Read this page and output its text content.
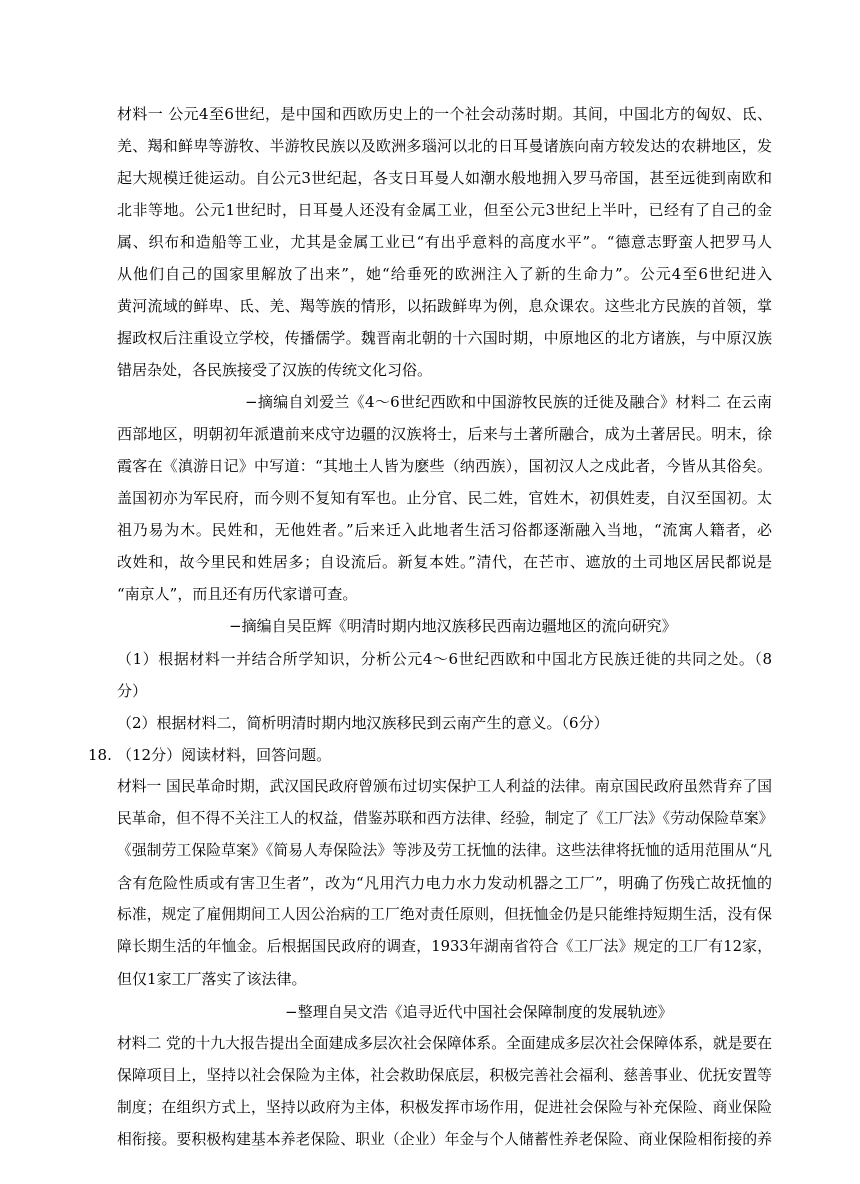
材料一 公元4至6世纪，是中国和西欧历史上的一个社会动荡时期。其间，中国北方的匈奴、氐、
羌、羯和鲜卑等游牧、半游牧民族以及欧洲多瑙河以北的日耳曼诸族向南方较发达的农耕地区，发
起大规模迁徙运动。自公元3世纪起，各支日耳曼人如潮水般地拥入罗马帝国，甚至远徙到南欧和
北非等地。公元1世纪时，日耳曼人还没有金属工业，但至公元3世纪上半叶，已经有了自己的金
属、织布和造船等工业，尤其是金属工业已“有出乎意料的高度水平”。“德意志野蛮人把罗马人
从他们自己的国家里解放了出来”，她“给垂死的欧洲注入了新的生命力”。公元4至6世纪进入
黄河流域的鲜卑、氐、羌、羯等族的情形，以拓跋鲜卑为例，息众课农。这些北方民族的首领，掌
握政权后注重设立学校，传播儒学。魏晋南北朝的十六国时期，中原地区的北方诸族，与中原汉族
错居杂处，各民族接受了汉族的传统文化习俗。
−摘编自刘爱兰《4～6世纪西欧和中国游牧民族的迁徙及融合》材料二 在云南
西部地区，明朝初年派遣前来戍守边疆的汉族将士，后来与土著所融合，成为土著居民。明末，徐
霞客在《滇游日记》中写道：“其地土人皆为麽些（纳西族），国初汉人之戍此者，今皆从其俗矣。
盖国初亦为军民府，而今则不复知有军也。止分官、民二姓，官姓木，初俱姓麦，自汉至国初。太
祖乃易为木。民姓和，无他姓者。”后来迁入此地者生活习俗都逐渐融入当地，“流寓人籍者，必
改姓和，故今里民和姓居多；自设流后。新复本姓。”清代，在芒市、遮放的土司地区居民都说是
“南京人”，而且还有历代家谱可查。
−摘编自吴臣辉《明清时期内地汉族移民西南边疆地区的流向研究》
（1）根据材料一并结合所学知识，分析公元4～6世纪西欧和中国北方民族迁徙的共同之处。（8
分）
（2）根据材料二，简析明清时期内地汉族移民到云南产生的意义。（6分）
18. （12分）阅读材料，回答问题。
材料一 国民革命时期，武汉国民政府曾颁布过切实保护工人利益的法律。南京国民政府虽然背弃了国
民革命，但不得不关注工人的权益，借鉴苏联和西方法律、经验，制定了《工厂法》《劳动保险草案》
《强制劳工保险草案》《简易人寿保险法》等涉及劳工抚恤的法律。这些法律将抚恤的适用范围从“凡
含有危险性质或有害卫生者”，改为“凡用汽力电力水力发动机器之工厂”，明确了伤残亡故抚恤的
标准，规定了雇佣期间工人因公治病的工厂绝对责任原则，但抚恤金仍是只能维持短期生活，没有保
障长期生活的年恤金。后根据国民政府的调查，1933年湖南省符合《工厂法》规定的工厂有12家，
但仅1家工厂落实了该法律。
−整理自吴文浩《追寻近代中国社会保障制度的发展轨迹》
材料二 党的十九大报告提出全面建成多层次社会保障体系。全面建成多层次社会保障体系，就是要在
保障项目上，坚持以社会保险为主体，社会救助保底层，积极完善社会福利、慈善事业、优抚安置等
制度；在组织方式上，坚持以政府为主体，积极发挥市场作用，促进社会保险与补充保险、商业保险
相衔接。要积极构建基本养老保险、职业（企业）年金与个人储蓄性养老保险、商业保险相衔接的养
